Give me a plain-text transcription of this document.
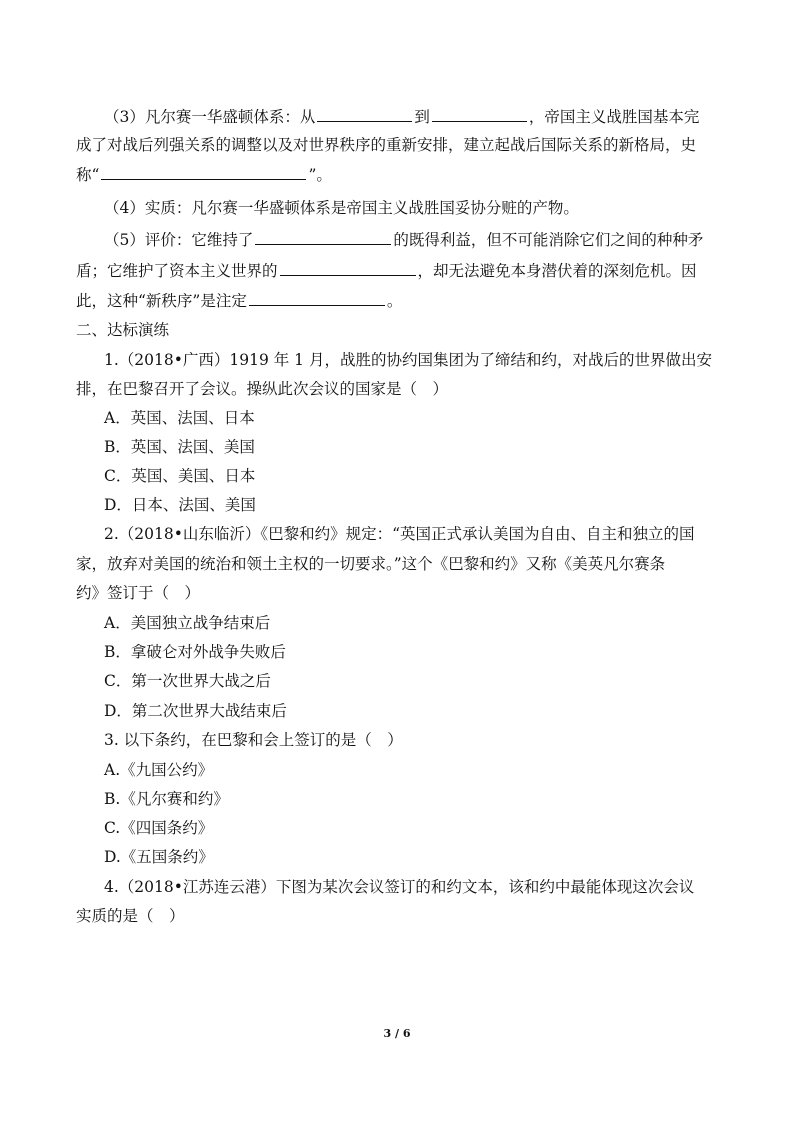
（3）凡尔赛一华盛顿体系：从	到	，帝国主义战胜国基本完
成了对战后列强关系的调整以及对世界秩序的重新安排，建立起战后国际关系的新格局，史
称“	”。
（4）实质：凡尔赛一华盛顿体系是帝国主义战胜国妥协分赃的产物。
（5）评价：它维持了	的既得利益，但不可能消除它们之间的种种矛
盾；它维护了资本主义世界的	，却无法避免本身潜伏着的深刻危机。因
此，这种“新秩序”是注定	。
二、达标演练
1.（2018•广西）1919 年 1 月，战胜的协约国集团为了缔结和约，对战后的世界做出安
排，在巴黎召开了会议。操纵此次会议的国家是（　）
A．英国、法国、日本
B．英国、法国、美国
C．英国、美国、日本
D．日本、法国、美国
2.（2018•山东临沂）《巴黎和约》规定：“英国正式承认美国为自由、自主和独立的国
家，放弃对美国的统治和领土主权的一切要求。”这个《巴黎和约》又称《美英凡尔赛条
约》签订于（　）
A．美国独立战争结束后
B．拿破仑对外战争失败后
C．第一次世界大战之后
D．第二次世界大战结束后
3. 以下条约，在巴黎和会上签订的是（　）
A.《九国公约》
B.《凡尔赛和约》
C.《四国条约》
D.《五国条约》
4.（2018•江苏连云港）下图为某次会议签订的和约文本，该和约中最能体现这次会议
实质的是（　）
3 / 6
